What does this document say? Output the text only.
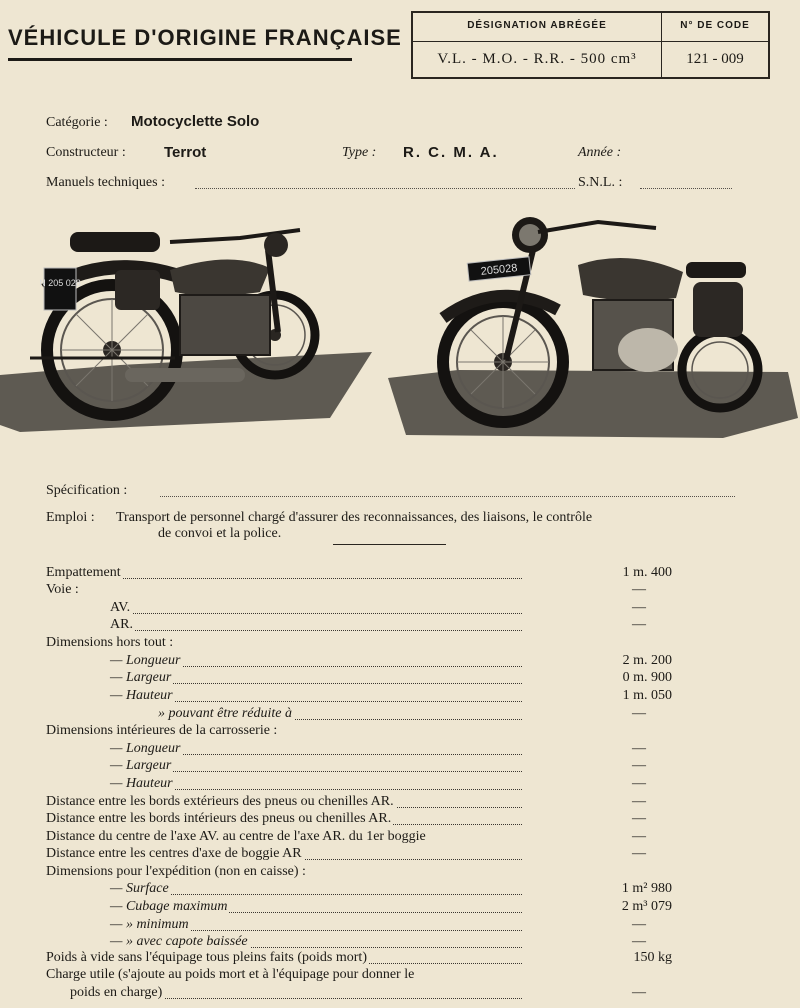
VÉHICULE D'ORIGINE FRANÇAISE	DÉSIGNATION ABRÉGÉE	N° DE CODE
V.L. - M.O. - R.R. - 500 cm³	121 - 009
Catégorie : Motocyclette Solo
Constructeur :	Terrot	Type : R. C. M. A.	Année :
Manuels techniques :	S.N.L. :
N 205 028
205028
Spécification :
Emploi : Transport de personnel chargé d'assurer des reconnaissances, des liaisons, le contrôle
de convoi et la police.
Empattement	1 m. 400
Voie :	—
AV.	—
AR.	—
Dimensions hors tout :
— Longueur	2 m. 200
— Largeur	0 m. 900
— Hauteur	1 m. 050
» pouvant être réduite à	—
Dimensions intérieures de la carrosserie :
— Longueur	—
— Largeur	—
— Hauteur	—
Distance entre les bords extérieurs des pneus ou chenilles AR.	—
Distance entre les bords intérieurs des pneus ou chenilles AR.	—
Distance du centre de l'axe AV. au centre de l'axe AR. du 1er boggie	—
Distance entre les centres d'axe de boggie AR	—
Dimensions pour l'expédition (non en caisse) :
— Surface	1 m² 980
— Cubage maximum	2 m³ 079
— » minimum	—
— » avec capote baissée	—
Poids à vide sans l'équipage tous pleins faits (poids mort)	150 kg
Charge utile (s'ajoute au poids mort et à l'équipage pour donner le
poids en charge)	—
